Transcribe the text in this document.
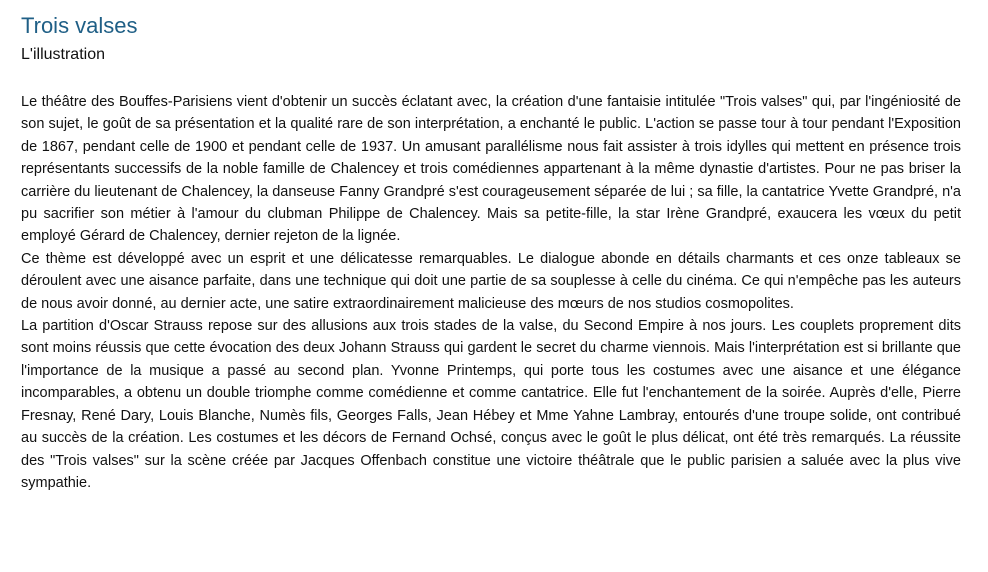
Trois valses
L'illustration

Le théâtre des Bouffes-Parisiens vient d'obtenir un succès éclatant avec, la création d'une fantaisie intitulée "Trois valses" qui, par l'ingéniosité de son sujet, le goût de sa présentation et la qualité rare de son interprétation, a enchanté le public. L'action se passe tour à tour pendant l'Exposition de 1867, pendant celle de 1900 et pendant celle de 1937. Un amusant parallélisme nous fait assister à trois idylles qui mettent en présence trois représentants successifs de la noble famille de Chalencey et trois comédiennes appartenant à la même dynastie d'artistes. Pour ne pas briser la carrière du lieutenant de Chalencey, la danseuse Fanny Grandpré s'est courageusement séparée de lui ; sa fille, la cantatrice Yvette Grandpré, n'a pu sacrifier son métier à l'amour du clubman Philippe de Chalencey. Mais sa petite-fille, la star Irène Grandpré, exaucera les vœux du petit employé Gérard de Chalencey, dernier rejeton de la lignée.

Ce thème est développé avec un esprit et une délicatesse remarquables. Le dialogue abonde en détails charmants et ces onze tableaux se déroulent avec une aisance parfaite, dans une technique qui doit une partie de sa souplesse à celle du cinéma. Ce qui n'empêche pas les auteurs de nous avoir donné, au dernier acte, une satire extraordinairement malicieuse des mœurs de nos studios cosmopolites.

La partition d'Oscar Strauss repose sur des allusions aux trois stades de la valse, du Second Empire à nos jours. Les couplets proprement dits sont moins réussis que cette évocation des deux Johann Strauss qui gardent le secret du charme viennois. Mais l'interprétation est si brillante que l'importance de la musique a passé au second plan. Yvonne Printemps, qui porte tous les costumes avec une aisance et une élégance incomparables, a obtenu un double triomphe comme comédienne et comme cantatrice. Elle fut l'enchantement de la soirée. Auprès d'elle, Pierre Fresnay, René Dary, Louis Blanche, Numès fils, Georges Falls, Jean Hébey et Mme Yahne Lambray, entourés d'une troupe solide, ont contribué au succès de la création. Les costumes et les décors de Fernand Ochsé, conçus avec le goût le plus délicat, ont été très remarqués. La réussite des "Trois valses" sur la scène créée par Jacques Offenbach constitue une victoire théâtrale que le public parisien a saluée avec la plus vive sympathie.
